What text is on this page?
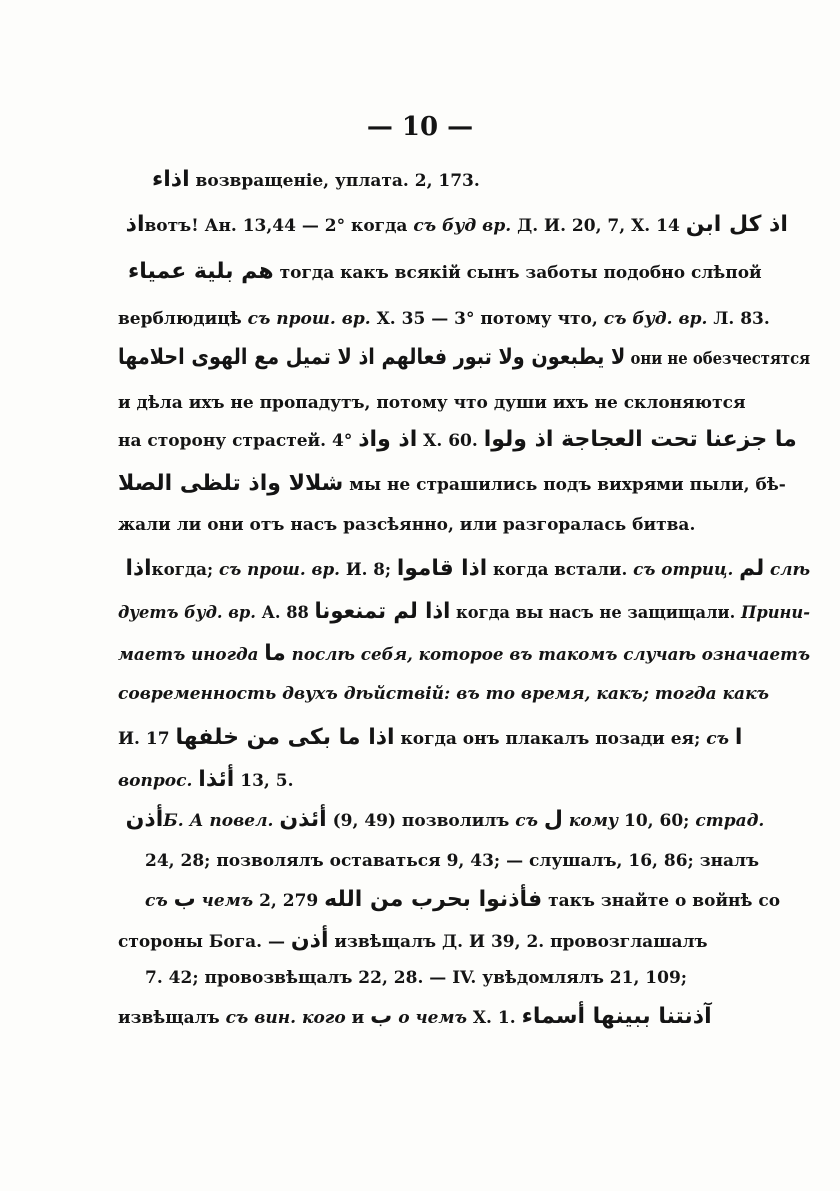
— 10 —
اذاء возвращеніе, уплата. 2, 173.
اذ вотъ! Ан. 13,44 — 2° когда съ буд вр. Д. И. 20, 7, X. 14 اذ كل ابن
هم بلية عمياء тогда какъ всякій сынъ заботы подобно слѣпой
верблюдицѣ съ прош. вр. X. 35 — 3° потому что, съ буд. вр. Л. 83.
لا يطبعون ولا تبور فعالهم اذ لا تميل مع الهوى احلامها они не обезчестятся
и дѣла ихъ не пропадутъ, потому что души ихъ не склоняются
на сторону страстей. 4° اذ واذ X. 60. ما جزعنا تحت العجاجة اذ ولوا
شلالا واذ تلظى الصلا мы не страшились подъ вихрями пыли, бѣ-
жали ли они отъ насъ разсѣянно, или разгоралась битва.
اذا когда; съ прош. вр. И. 8; اذا قاموا когда встали. съ отриц. لم слѣ
дуетъ буд. вр. А. 88 اذا لم تمنعونا когда вы насъ не защищали. Прини-
маетъ иногда ما послѣ себя, которое въ такомъ случаѣ означаетъ
современность двухъ дѣйствій: въ то время, какъ; тогда какъ
И. 17 اذا ما بكى من خلفها когда онъ плакалъ позади ея; съ ا
вопрос. أئذا 13, 5.
أذن Б. А повел. أئذن (9, 49) позволилъ съ ل кому 10, 60; страд.
24, 28; позволялъ оставаться 9, 43; — слушалъ, 16, 86; зналъ
съ ب чемъ 2, 279 فأذنوا بحرب من الله такъ знайте о войнѣ со
стороны Бога. — أذن извѣщалъ Д. И 39, 2. провозглашалъ
7. 42; провозвѣщалъ 22, 28. — IV. увѣдомлялъ 21, 109;
извѣщалъ съ вин. кого и ب о чемъ X. 1. آذنتنا ببينها أسماء
